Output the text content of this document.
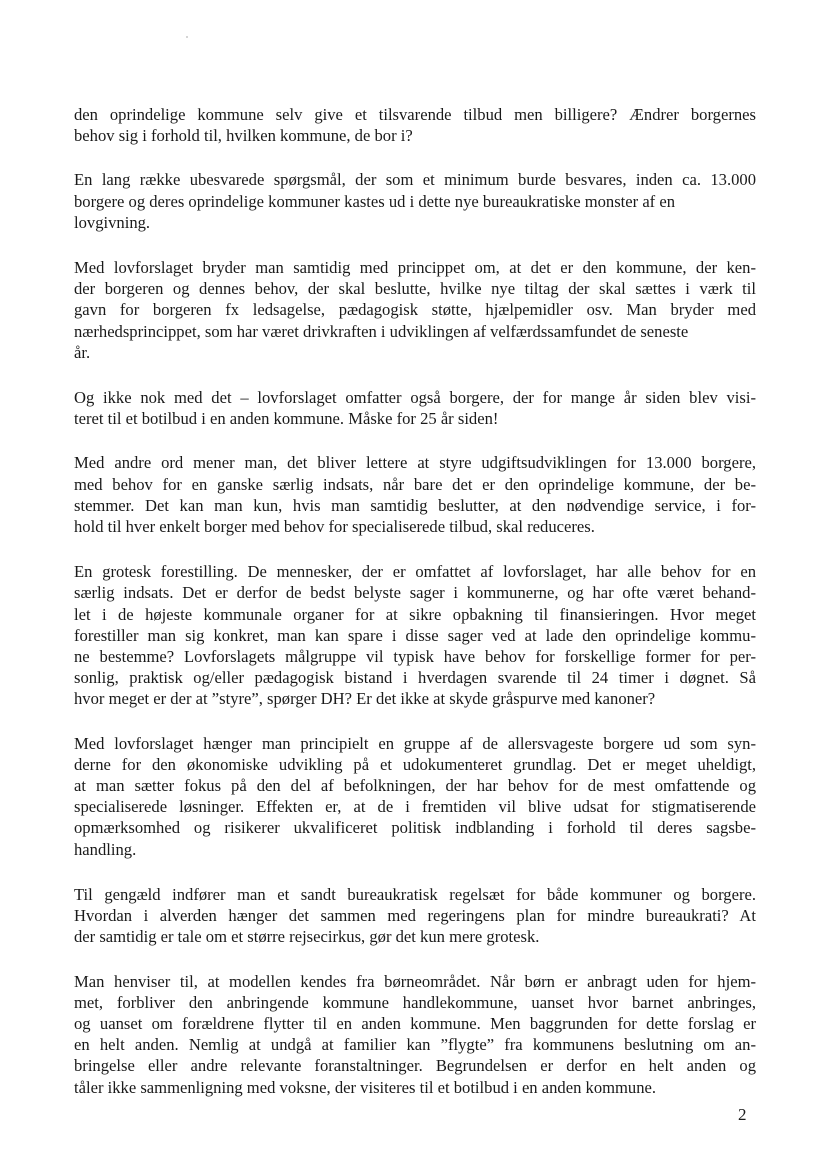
den oprindelige kommune selv give et tilsvarende tilbud men billigere? Ændrer borgernes
behov sig i forhold til, hvilken kommune, de bor i?

En lang række ubesvarede spørgsmål, der som et minimum burde besvares, inden ca. 13.000
borgere og deres oprindelige kommuner kastes ud i dette nye bureaukratiske monster af en
lovgivning.

Med lovforslaget bryder man samtidig med princippet om, at det er den kommune, der ken-
der borgeren og dennes behov, der skal beslutte, hvilke nye tiltag der skal sættes i værk til
gavn for borgeren fx ledsagelse, pædagogisk støtte, hjælpemidler osv. Man bryder med
nærhedsprincippet, som har været drivkraften i udviklingen af velfærdssamfundet de seneste
år.

Og ikke nok med det – lovforslaget omfatter også borgere, der for mange år siden blev visi-
teret til et botilbud i en anden kommune. Måske for 25 år siden!

Med andre ord mener man, det bliver lettere at styre udgiftsudviklingen for 13.000 borgere,
med behov for en ganske særlig indsats, når bare det er den oprindelige kommune, der be-
stemmer. Det kan man kun, hvis man samtidig beslutter, at den nødvendige service, i for-
hold til hver enkelt borger med behov for specialiserede tilbud, skal reduceres.

En grotesk forestilling. De mennesker, der er omfattet af lovforslaget, har alle behov for en
særlig indsats. Det er derfor de bedst belyste sager i kommunerne, og har ofte været behand-
let i de højeste kommunale organer for at sikre opbakning til finansieringen. Hvor meget
forestiller man sig konkret, man kan spare i disse sager ved at lade den oprindelige kommu-
ne bestemme? Lovforslagets målgruppe vil typisk have behov for forskellige former for per-
sonlig, praktisk og/eller pædagogisk bistand i hverdagen svarende til 24 timer i døgnet. Så
hvor meget er der at ”styre”, spørger DH? Er det ikke at skyde gråspurve med kanoner?

Med lovforslaget hænger man principielt en gruppe af de allersvageste borgere ud som syn-
derne for den økonomiske udvikling på et udokumenteret grundlag. Det er meget uheldigt,
at man sætter fokus på den del af befolkningen, der har behov for de mest omfattende og
specialiserede løsninger. Effekten er, at de i fremtiden vil blive udsat for stigmatiserende
opmærksomhed og risikerer ukvalificeret politisk indblanding i forhold til deres sagsbe-
handling.

Til gengæld indfører man et sandt bureaukratisk regelsæt for både kommuner og borgere.
Hvordan i alverden hænger det sammen med regeringens plan for mindre bureaukrati? At
der samtidig er tale om et større rejsecirkus, gør det kun mere grotesk.

Man henviser til, at modellen kendes fra børneområdet. Når børn er anbragt uden for hjem-
met, forbliver den anbringende kommune handlekommune, uanset hvor barnet anbringes,
og uanset om forældrene flytter til en anden kommune. Men baggrunden for dette forslag er
en helt anden. Nemlig at undgå at familier kan ”flygte” fra kommunens beslutning om an-
bringelse eller andre relevante foranstaltninger. Begrundelsen er derfor en helt anden og
tåler ikke sammenligning med voksne, der visiteres til et botilbud i en anden kommune.

2
